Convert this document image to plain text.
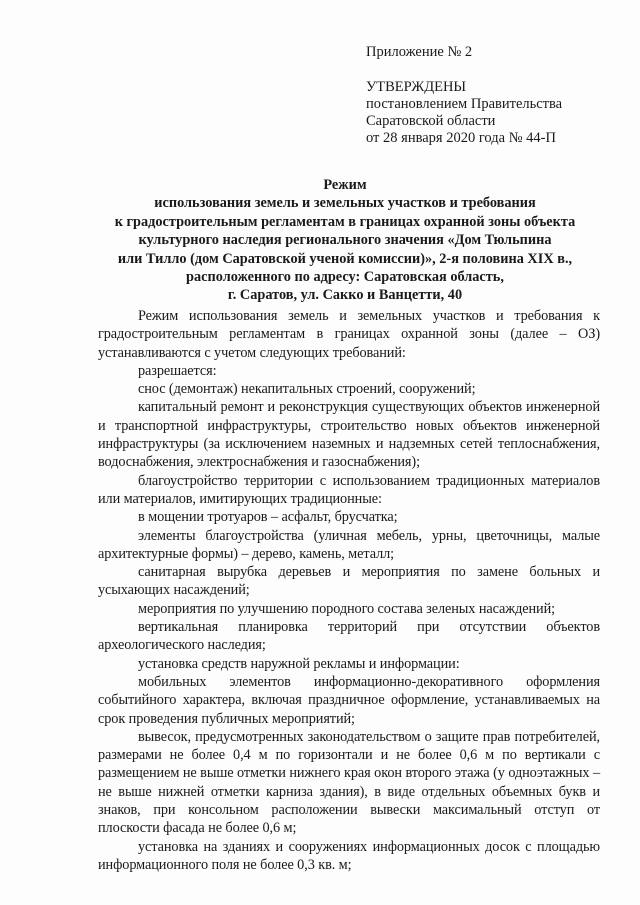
Приложение № 2
УТВЕРЖДЕНЫ
постановлением Правительства
Саратовской области
от 28 января 2020 года № 44-П
Режим
использования земель и земельных участков и требования
к градостроительным регламентам в границах охранной зоны объекта
культурного наследия регионального значения «Дом Тюльпина
или Тилло (дом Саратовской ученой комиссии)», 2-я половина XIX в.,
расположенного по адресу: Саратовская область,
г. Саратов, ул. Сакко и Ванцетти, 40

Режим использования земель и земельных участков и требования к градостроительным регламентам в границах охранной зоны (далее – ОЗ) устанавливаются с учетом следующих требований:

разрешается:

снос (демонтаж) некапитальных строений, сооружений;

капитальный ремонт и реконструкция существующих объектов инженерной и транспортной инфраструктуры, строительство новых объектов инженерной инфраструктуры (за исключением наземных и надземных сетей теплоснабжения, водоснабжения, электроснабжения и газоснабжения);

благоустройство территории с использованием традиционных материалов или материалов, имитирующих традиционные:

в мощении тротуаров – асфальт, брусчатка;

элементы благоустройства (уличная мебель, урны, цветочницы, малые архитектурные формы) – дерево, камень, металл;

санитарная вырубка деревьев и мероприятия по замене больных и усыхающих насаждений;

мероприятия по улучшению породного состава зеленых насаждений;

вертикальная планировка территорий при отсутствии объектов археологического наследия;

установка средств наружной рекламы и информации:

мобильных элементов информационно-декоративного оформления событийного характера, включая праздничное оформление, устанавливаемых на срок проведения публичных мероприятий;

вывесок, предусмотренных законодательством о защите прав потребителей, размерами не более 0,4 м по горизонтали и не более 0,6 м по вертикали с размещением не выше отметки нижнего края окон второго этажа (у одноэтажных – не выше нижней отметки карниза здания), в виде отдельных объемных букв и знаков, при консольном расположении вывески максимальный отступ от плоскости фасада не более 0,6 м;

установка на зданиях и сооружениях информационных досок с площадью информационного поля не более 0,3 кв. м;
